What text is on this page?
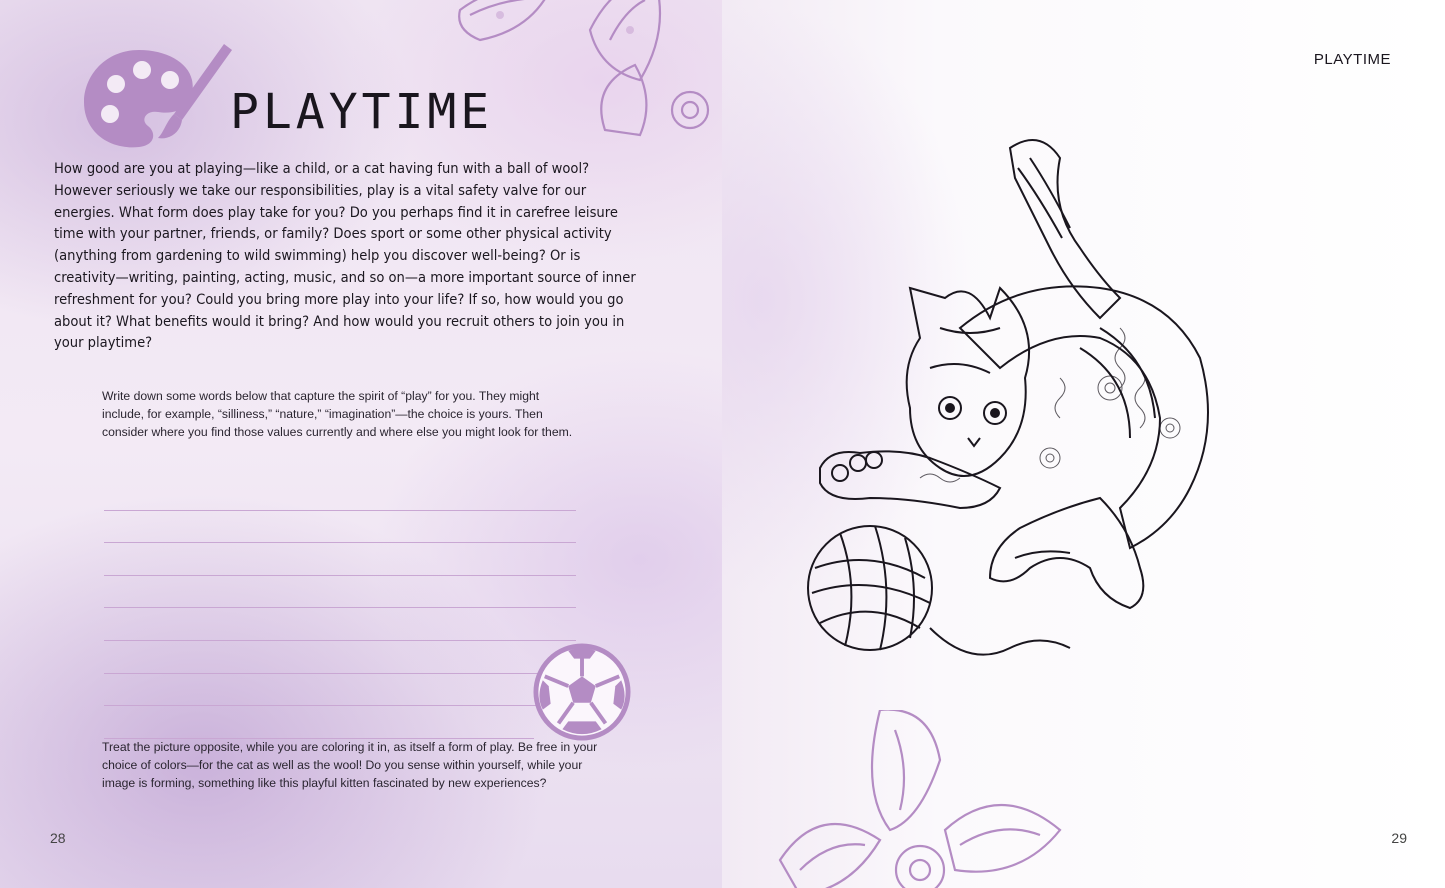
PLAYTIME

How good are you at playing—like a child, or a cat having fun with a ball of wool? However seriously we take our responsibilities, play is a vital safety valve for our energies. What form does play take for you? Do you perhaps find it in carefree leisure time with your partner, friends, or family? Does sport or some other physical activity (anything from gardening to wild swimming) help you discover well-being? Or is creativity—writing, painting, acting, music, and so on—a more important source of inner refreshment for you? Could you bring more play into your life? If so, how would you go about it? What benefits would it bring? And how would you recruit others to join you in your playtime?

Write down some words below that capture the spirit of “play” for you. They might include, for example, “silliness,” “nature,” “imagination”—the choice is yours. Then consider where you find those values currently and where else you might look for them.

Treat the picture opposite, while you are coloring it in, as itself a form of play. Be free in your choice of colors—for the cat as well as the wool! Do you sense within yourself, while your image is forming, something like this playful kitten fascinated by new experiences?

28
PLAYTIME
29
